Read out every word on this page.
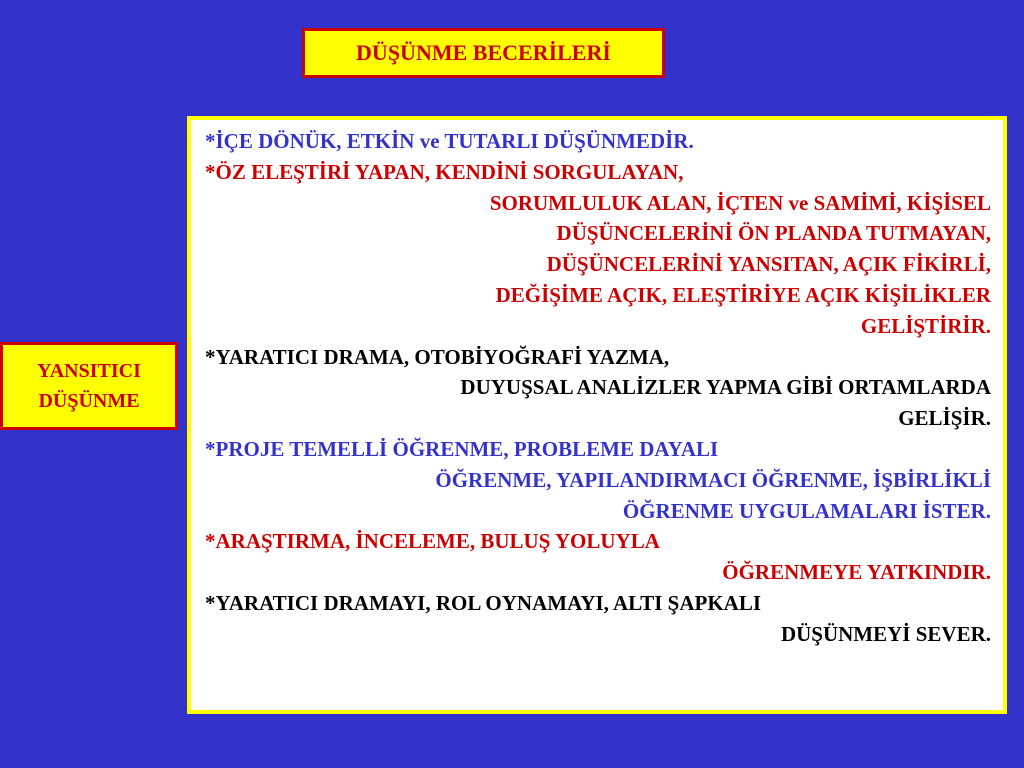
DÜŞÜNME BECERİLERİ
YANSITICI
DÜŞÜNME
*İÇE DÖNÜK, ETKİN ve TUTARLI DÜŞÜNMEDİR.
*ÖZ ELEŞTİRİ YAPAN, KENDİNİ SORGULAYAN,
SORUMLULUK ALAN, İÇTEN ve SAMİMİ, KİŞİSEL
DÜŞÜNCELERİNİ ÖN PLANDA TUTMAYAN,
DÜŞÜNCELERİNİ YANSITAN, AÇIK FİKİRLİ,
DEĞİŞİME AÇIK, ELEŞTİRİYE AÇIK KİŞİLİKLER
GELİŞTİRİR.
*YARATICI DRAMA, OTOBİYOĞRAFİ YAZMA,
DUYUŞSAL ANALİZLER YAPMA GİBİ ORTAMLARDA
GELİŞİR.
*PROJE TEMELLİ ÖĞRENME, PROBLEME DAYALI
ÖĞRENME, YAPILANDIRMACI ÖĞRENME, İŞBİRLİKLİ
ÖĞRENME UYGULAMALARI İSTER.
*ARAŞTIRMA, İNCELEME, BULUŞ YOLUYLA
ÖĞRENMEYE YATKINDIR.
*YARATICI DRAMAYI, ROL OYNAMAYI, ALTI ŞAPKALI
DÜŞÜNMEYİ SEVER.
